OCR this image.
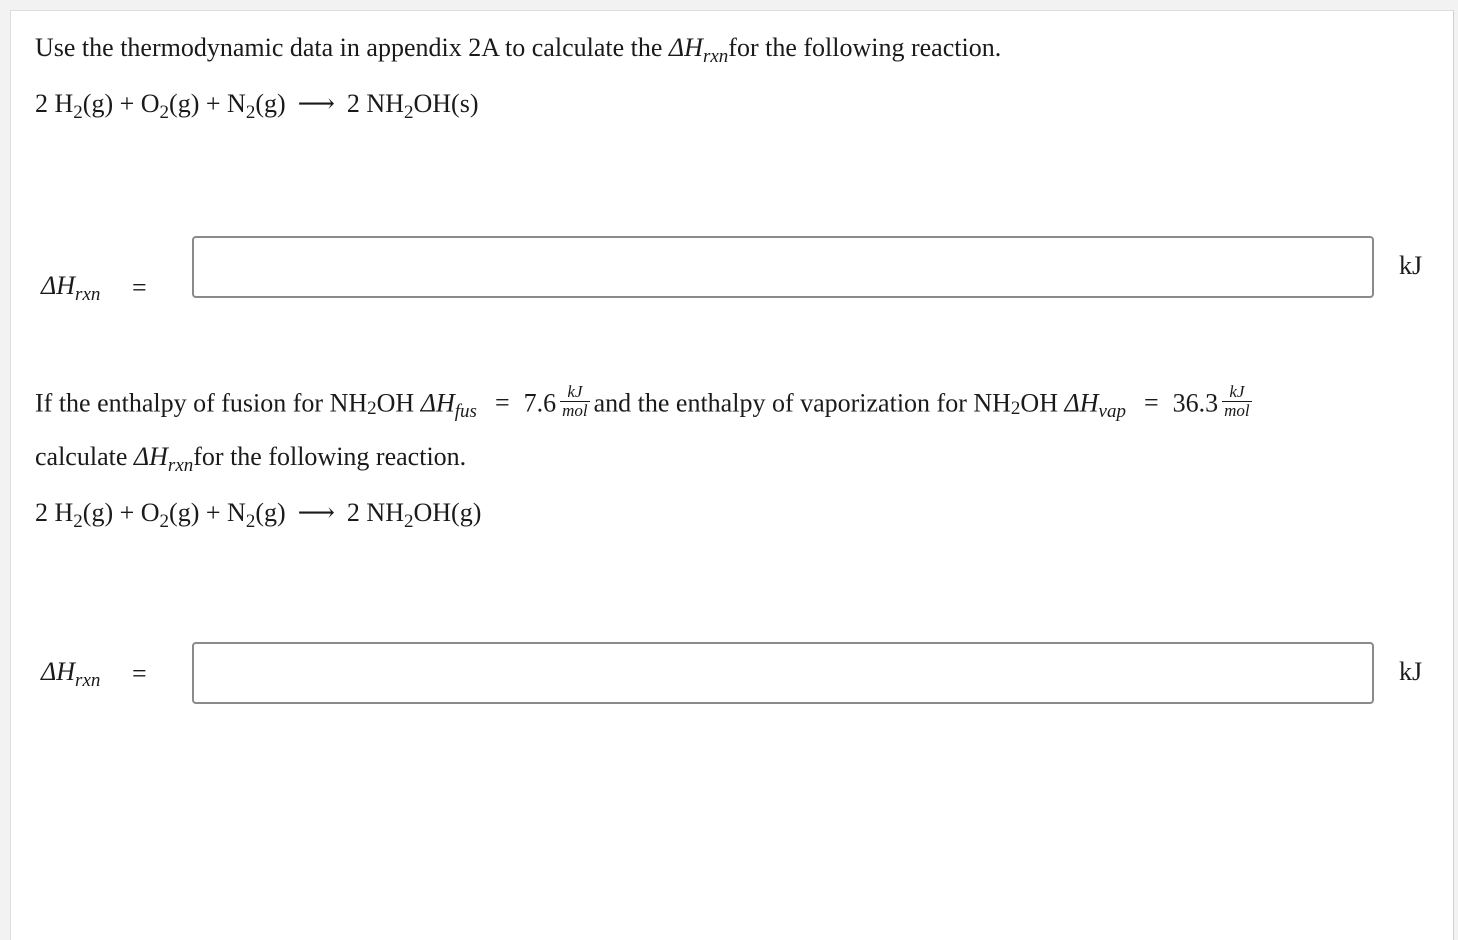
Use the thermodynamic data in appendix 2A to calculate the $\Delta H_{rxn}for$ the following reaction.
2 $H_2(g) + O_2(g) + N_2(g)$ ⟶ 2 $NH_2OH(s)$
$\Delta H_{rxn}$ =
kJ
If the enthalpy of fusion for NH2OH $\Delta H_{fus} = 7.6 \frac{kJ}{\text{mol}}$ and the enthalpy of vaporization for NH2OH $\Delta H_{vap} = 36.3 \frac{kJ}{\text{mol}}$
calculate $\Delta H_{rxn}for$ the following reaction.
2 $H_2(g) + O_2(g) + N_2(g)$ ⟶ 2 $NH_2OH(g)$
$\Delta H_{rxn}$ =	kJ
